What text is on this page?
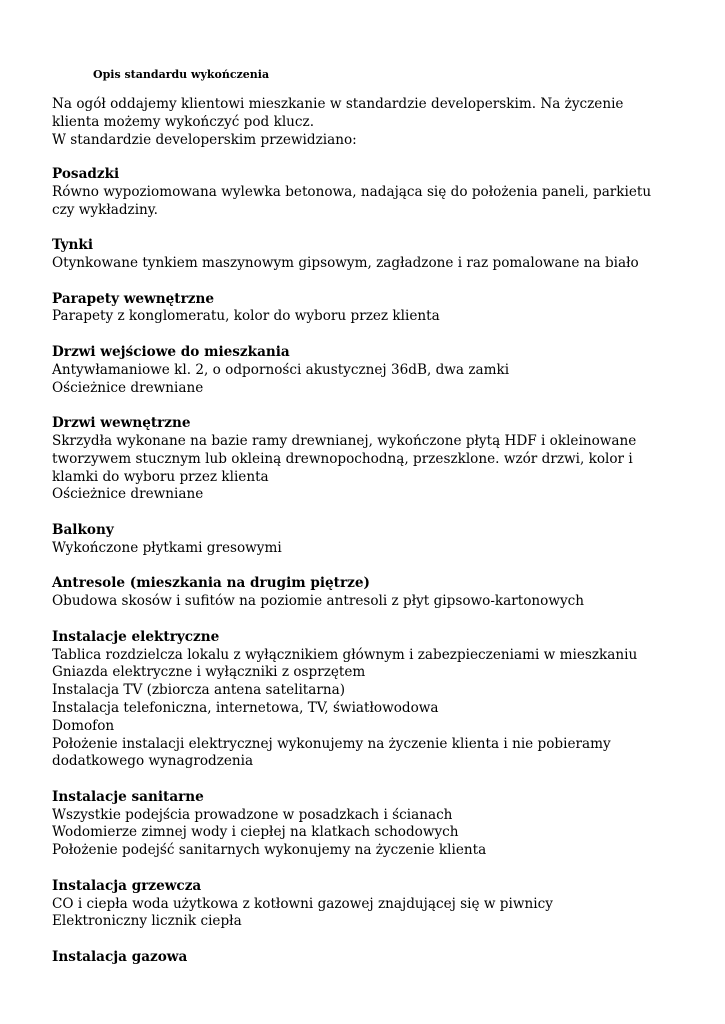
Opis standardu wykończenia

Na ogół oddajemy klientowi mieszkanie w standardzie developerskim. Na życzenie klienta możemy wykończyć pod klucz.

W standardzie developerskim przewidziano:

Posadzki

Równo wypoziomowana wylewka betonowa, nadająca się do położenia paneli, parkietu czy wykładziny.

Tynki

Otynkowane tynkiem maszynowym gipsowym, zagładzone i raz pomalowane na biało

Parapety wewnętrzne

Parapety z konglomeratu, kolor do wyboru przez klienta

Drzwi wejściowe do mieszkania

Antywłamaniowe kl. 2, o odporności akustycznej 36dB, dwa zamki

Ościeżnice drewniane

Drzwi wewnętrzne

Skrzydła wykonane na bazie ramy drewnianej, wykończone płytą HDF i okleinowane tworzywem stucznym lub okleiną drewnopochodną, przeszklone. wzór drzwi, kolor i klamki do wyboru przez klienta

Ościeżnice drewniane

Balkony

Wykończone płytkami gresowymi

Antresole (mieszkania na drugim piętrze)

Obudowa skosów i sufitów na poziomie antresoli z płyt gipsowo-kartonowych

Instalacje elektryczne

Tablica rozdzielcza lokalu z wyłącznikiem głównym i zabezpieczeniami w mieszkaniu

Gniazda elektryczne i wyłączniki z osprzętem

Instalacja TV (zbiorcza antena satelitarna)

Instalacja telefoniczna, internetowa, TV, światłowodowa

Domofon

Położenie instalacji elektrycznej wykonujemy na życzenie klienta i nie pobieramy dodatkowego wynagrodzenia

Instalacje sanitarne

Wszystkie podejścia prowadzone w posadzkach i ścianach

Wodomierze zimnej wody i ciepłej na klatkach schodowych

Położenie podejść sanitarnych wykonujemy na życzenie klienta

Instalacja grzewcza

CO i ciepła woda użytkowa z kotłowni gazowej znajdującej się w piwnicy

Elektroniczny licznik ciepła

Instalacja gazowa
